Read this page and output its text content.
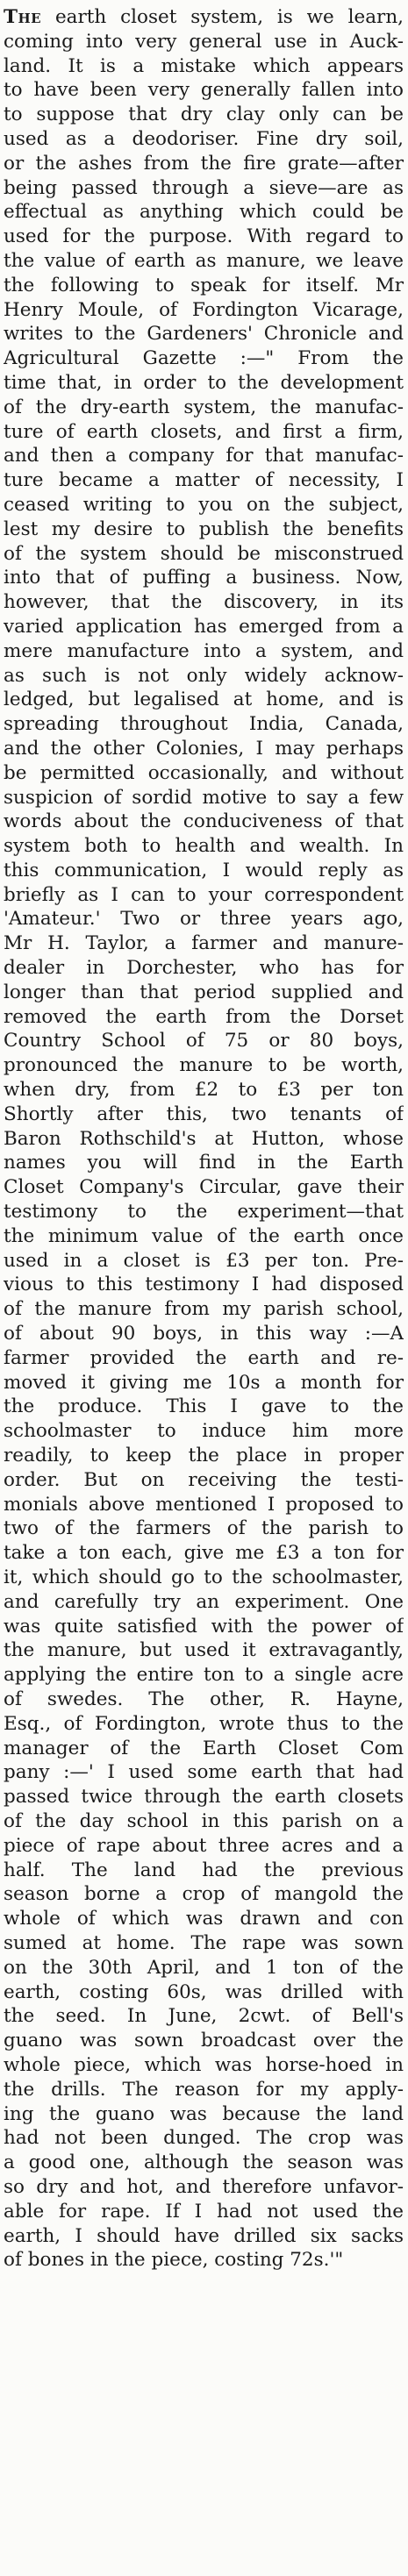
The earth closet system, is we learn,
coming into very general use in Auck-
land. It is a mistake which appears
to have been very generally fallen into
to suppose that dry clay only can be
used as a deodoriser. Fine dry soil,
or the ashes from the fire grate—after
being passed through a sieve—are as
effectual as anything which could be
used for the purpose. With regard to
the value of earth as manure, we leave
the following to speak for itself. Mr
Henry Moule, of Fordington Vicarage,
writes to the Gardeners' Chronicle and
Agricultural Gazette :—" From the
time that, in order to the development
of the dry-earth system, the manufac-
ture of earth closets, and first a firm,
and then a company for that manufac-
ture became a matter of necessity, I
ceased writing to you on the subject,
lest my desire to publish the benefits
of the system should be misconstrued
into that of puffing a business. Now,
however, that the discovery, in its
varied application has emerged from a
mere manufacture into a system, and
as such is not only widely acknow-
ledged, but legalised at home, and is
spreading throughout India, Canada,
and the other Colonies, I may perhaps
be permitted occasionally, and without
suspicion of sordid motive to say a few
words about the conduciveness of that
system both to health and wealth. In
this communication, I would reply as
briefly as I can to your correspondent
'Amateur.' Two or three years ago,
Mr H. Taylor, a farmer and manure-
dealer in Dorchester, who has for
longer than that period supplied and
removed the earth from the Dorset
Country School of 75 or 80 boys,
pronounced the manure to be worth,
when dry, from £2 to £3 per ton
Shortly after this, two tenants of
Baron Rothschild's at Hutton, whose
names you will find in the Earth
Closet Company's Circular, gave their
testimony to the experiment—that
the minimum value of the earth once
used in a closet is £3 per ton. Pre-
vious to this testimony I had disposed
of the manure from my parish school,
of about 90 boys, in this way :—A
farmer provided the earth and re-
moved it giving me 10s a month for
the produce. This I gave to the
schoolmaster to induce him more
readily, to keep the place in proper
order. But on receiving the testi-
monials above mentioned I proposed to
two of the farmers of the parish to
take a ton each, give me £3 a ton for
it, which should go to the schoolmaster,
and carefully try an experiment. One
was quite satisfied with the power of
the manure, but used it extravagantly,
applying the entire ton to a single acre
of swedes. The other, R. Hayne,
Esq., of Fordington, wrote thus to the
manager of the Earth Closet Com
pany :—' I used some earth that had
passed twice through the earth closets
of the day school in this parish on a
piece of rape about three acres and a
half. The land had the previous
season borne a crop of mangold the
whole of which was drawn and con
sumed at home. The rape was sown
on the 30th April, and 1 ton of the
earth, costing 60s, was drilled with
the seed. In June, 2cwt. of Bell's
guano was sown broadcast over the
whole piece, which was horse-hoed in
the drills. The reason for my apply-
ing the guano was because the land
had not been dunged. The crop was
a good one, although the season was
so dry and hot, and therefore unfavor-
able for rape. If I had not used the
earth, I should have drilled six sacks
of bones in the piece, costing 72s.'"
